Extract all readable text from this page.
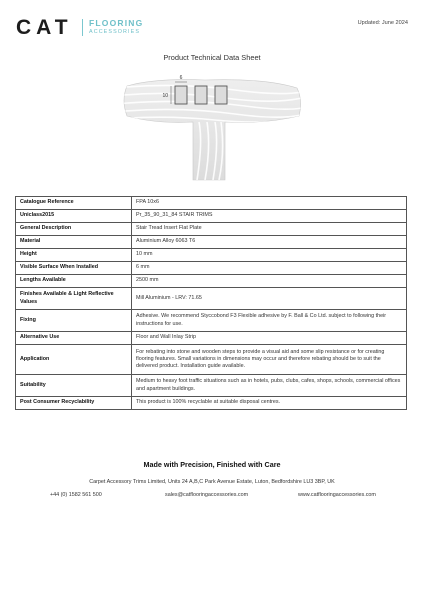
CAT FLOORING
ACCESSORIES
Updated: June 2024
Product Technical Data Sheet
6
10
Catalogue Reference	FPA 10x6
Uniclass2015	Pr_35_90_31_84 STAIR TRIMS
General Description	Stair Tread Insert Flat Plate
Material	Aluminium Alloy 6063 T6
Height	10 mm
Visible Surface When Installed	6 mm
Lengths Available	2500 mm
Finishes Available & Light Reflective Values	Mill Aluminium - LRV: 71.65
Fixing	Adhesive. We recommend Styccobond F3 Flexible adhesive by F. Ball & Co Ltd. subject to following their instructions for use.
Alternative Use	Floor and Wall Inlay Strip
Application	For rebating into stone and wooden steps to provide a visual aid and some slip resistance or for creating flooring features. Small variations in dimensions may occur and therefore rebating should be to suit the delivered product. Installation guide available.
Suitability	Medium to heavy foot traffic situations such as in hotels, pubs, clubs, cafes, shops, schools, commercial offices and apartment buildings.
Post Consumer Recyclability	This product is 100% recyclable at suitable disposal centres.
Made with Precision, Finished with Care
Carpet Accessory Trims Limited, Units 24 A,B,C Park Avenue Estate, Luton, Bedfordshire LU3 3BP, UK
+44 (0) 1582 561 500	sales@catflooringaccessories.com	www.catflooringaccessories.com
